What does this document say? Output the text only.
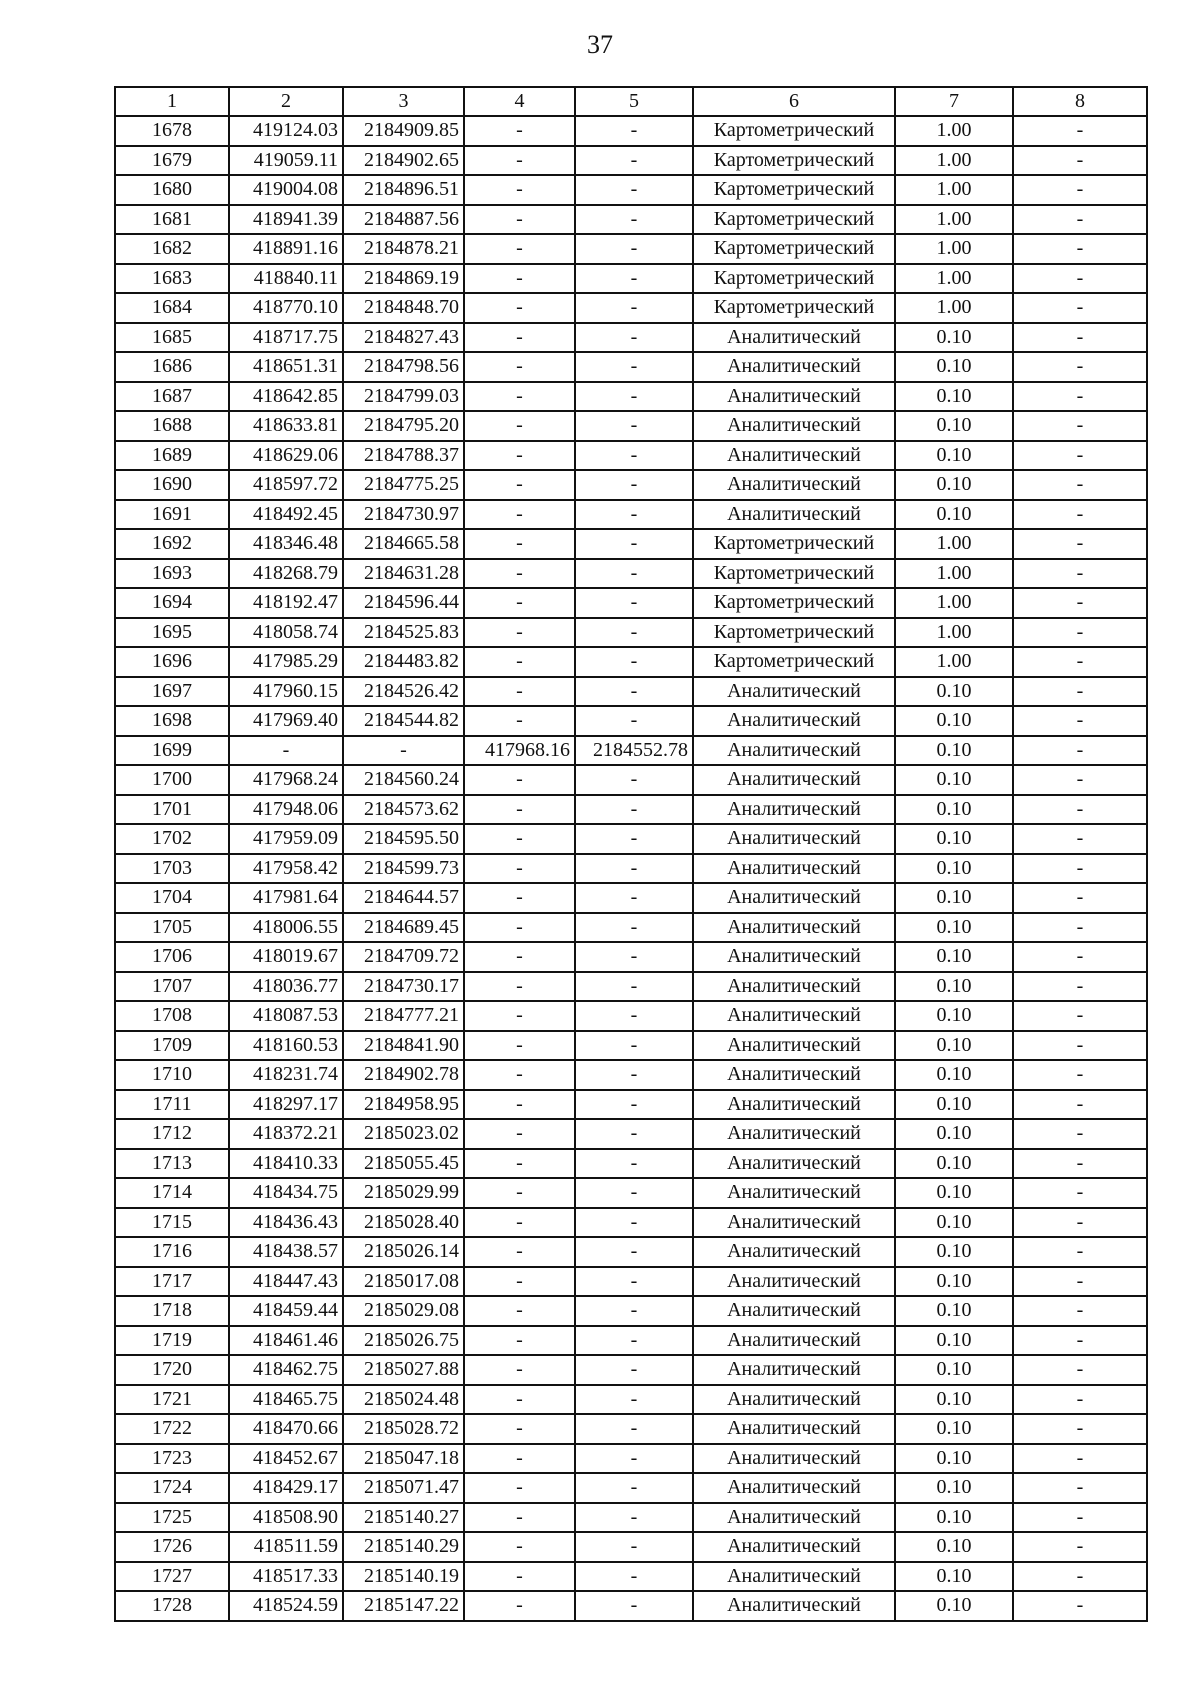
37
1	2	3	4	5	6	7	8
1678	419124.03	2184909.85	-	-	Картометрический	1.00	-
1679	419059.11	2184902.65	-	-	Картометрический	1.00	-
1680	419004.08	2184896.51	-	-	Картометрический	1.00	-
1681	418941.39	2184887.56	-	-	Картометрический	1.00	-
1682	418891.16	2184878.21	-	-	Картометрический	1.00	-
1683	418840.11	2184869.19	-	-	Картометрический	1.00	-
1684	418770.10	2184848.70	-	-	Картометрический	1.00	-
1685	418717.75	2184827.43	-	-	Аналитический	0.10	-
1686	418651.31	2184798.56	-	-	Аналитический	0.10	-
1687	418642.85	2184799.03	-	-	Аналитический	0.10	-
1688	418633.81	2184795.20	-	-	Аналитический	0.10	-
1689	418629.06	2184788.37	-	-	Аналитический	0.10	-
1690	418597.72	2184775.25	-	-	Аналитический	0.10	-
1691	418492.45	2184730.97	-	-	Аналитический	0.10	-
1692	418346.48	2184665.58	-	-	Картометрический	1.00	-
1693	418268.79	2184631.28	-	-	Картометрический	1.00	-
1694	418192.47	2184596.44	-	-	Картометрический	1.00	-
1695	418058.74	2184525.83	-	-	Картометрический	1.00	-
1696	417985.29	2184483.82	-	-	Картометрический	1.00	-
1697	417960.15	2184526.42	-	-	Аналитический	0.10	-
1698	417969.40	2184544.82	-	-	Аналитический	0.10	-
1699	-	-	417968.16	2184552.78	Аналитический	0.10	-
1700	417968.24	2184560.24	-	-	Аналитический	0.10	-
1701	417948.06	2184573.62	-	-	Аналитический	0.10	-
1702	417959.09	2184595.50	-	-	Аналитический	0.10	-
1703	417958.42	2184599.73	-	-	Аналитический	0.10	-
1704	417981.64	2184644.57	-	-	Аналитический	0.10	-
1705	418006.55	2184689.45	-	-	Аналитический	0.10	-
1706	418019.67	2184709.72	-	-	Аналитический	0.10	-
1707	418036.77	2184730.17	-	-	Аналитический	0.10	-
1708	418087.53	2184777.21	-	-	Аналитический	0.10	-
1709	418160.53	2184841.90	-	-	Аналитический	0.10	-
1710	418231.74	2184902.78	-	-	Аналитический	0.10	-
1711	418297.17	2184958.95	-	-	Аналитический	0.10	-
1712	418372.21	2185023.02	-	-	Аналитический	0.10	-
1713	418410.33	2185055.45	-	-	Аналитический	0.10	-
1714	418434.75	2185029.99	-	-	Аналитический	0.10	-
1715	418436.43	2185028.40	-	-	Аналитический	0.10	-
1716	418438.57	2185026.14	-	-	Аналитический	0.10	-
1717	418447.43	2185017.08	-	-	Аналитический	0.10	-
1718	418459.44	2185029.08	-	-	Аналитический	0.10	-
1719	418461.46	2185026.75	-	-	Аналитический	0.10	-
1720	418462.75	2185027.88	-	-	Аналитический	0.10	-
1721	418465.75	2185024.48	-	-	Аналитический	0.10	-
1722	418470.66	2185028.72	-	-	Аналитический	0.10	-
1723	418452.67	2185047.18	-	-	Аналитический	0.10	-
1724	418429.17	2185071.47	-	-	Аналитический	0.10	-
1725	418508.90	2185140.27	-	-	Аналитический	0.10	-
1726	418511.59	2185140.29	-	-	Аналитический	0.10	-
1727	418517.33	2185140.19	-	-	Аналитический	0.10	-
1728	418524.59	2185147.22	-	-	Аналитический	0.10	-
